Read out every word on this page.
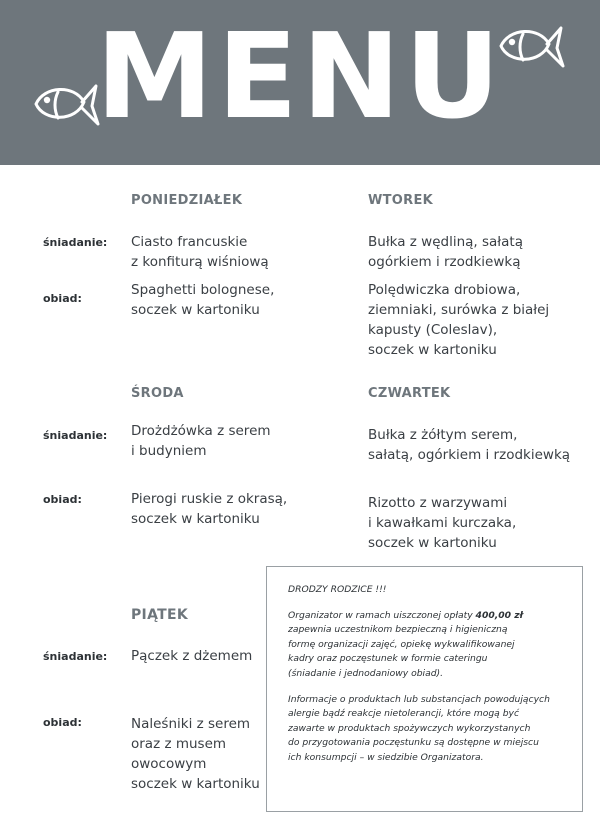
MENU
PONIEDZIAŁEK
śniadanie: Ciasto francuskie
z konfiturą wiśniową
obiad:
Spaghetti bolognese,
soczek w kartoniku
WTOREK
Bułka z wędliną, sałatą
ogórkiem i rzodkiewką
Polędwiczka drobiowa,
ziemniaki, surówka z białej
kapusty (Coleslav),
soczek w kartoniku
ŚRODA
śniadanie: Drożdżówka z serem
i budyniem
obiad:	Pierogi ruskie z okrasą,
soczek w kartoniku
CZWARTEK
Bułka z żółtym serem,
sałatą, ogórkiem i rzodkiewką
Rizotto z warzywami
i kawałkami kurczaka,
soczek w kartoniku
PIĄTEK
śniadanie: Pączek z dżemem
obiad:	Naleśniki z serem
oraz z musem
owocowym
soczek w kartoniku
DRODZY RODZICE !!!
Organizator w ramach uiszczonej opłaty 400,00 zł
zapewnia uczestnikom bezpieczną i higieniczną
formę organizacji zajęć, opiekę wykwalifikowanej
kadry oraz poczęstunek w formie cateringu
(śniadanie i jednodaniowy obiad).
Informacje o produktach lub substancjach powodujących
alergie bądź reakcje nietolerancji, które mogą być
zawarte w produktach spożywczych wykorzystanych
do przygotowania poczęstunku są dostępne w miejscu
ich konsumpcji – w siedzibie Organizatora.
